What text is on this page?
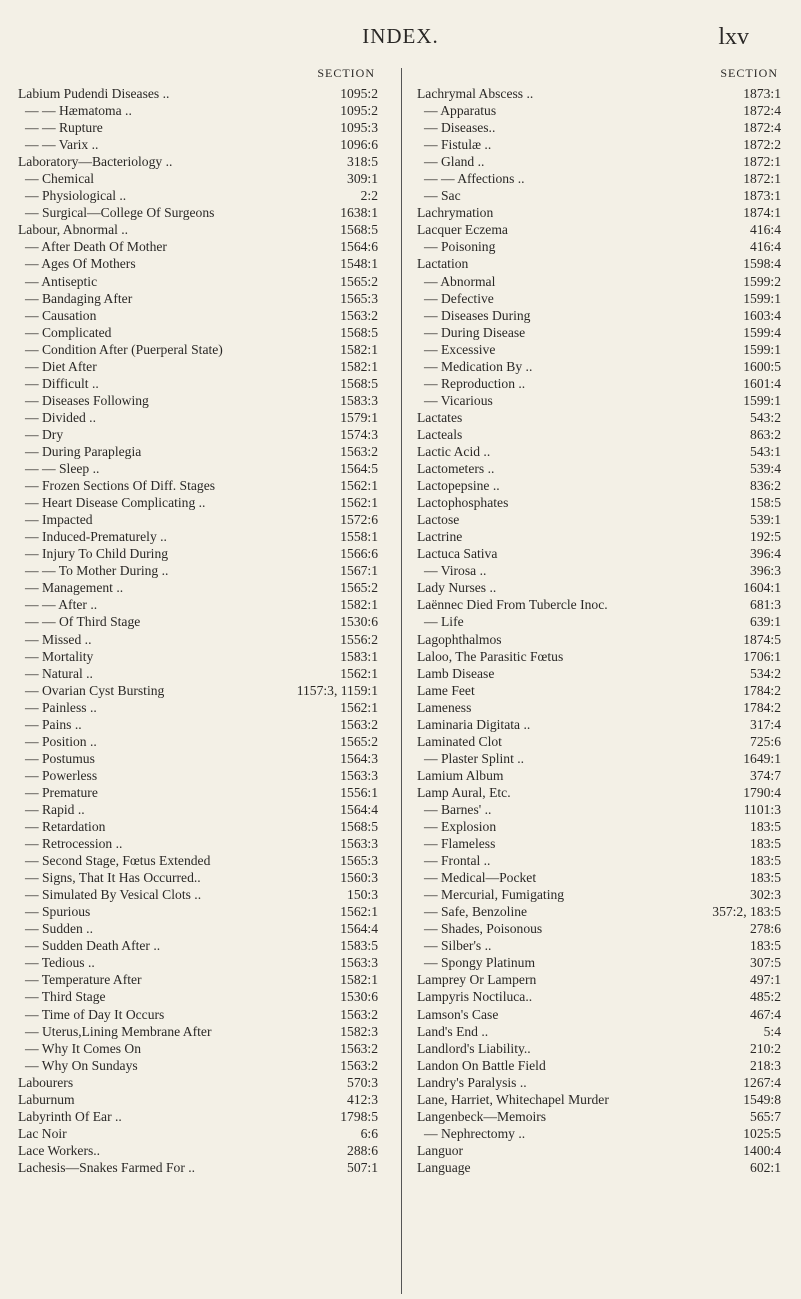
INDEX.	lxv
SECTION
Labium Pudendi Diseases ..	1095:2
— — Hæmatoma ..	1095:2
— — Rupture	1095:3
— — Varix ..	1096:6
Laboratory—Bacteriology ..	318:5
— Chemical	309:1
— Physiological ..	2:2
— Surgical—College Of Surgeons	1638:1
Labour, Abnormal ..	1568:5
— After Death Of Mother	1564:6
— Ages Of Mothers	1548:1
— Antiseptic	1565:2
— Bandaging After	1565:3
— Causation	1563:2
— Complicated	1568:5
— Condition After (Puerperal State)	1582:1
— Diet After	1582:1
— Difficult ..	1568:5
— Diseases Following	1583:3
— Divided ..	1579:1
— Dry	1574:3
— During Paraplegia	1563:2
— — Sleep ..	1564:5
— Frozen Sections Of Diff. Stages	1562:1
— Heart Disease Complicating ..	1562:1
— Impacted	1572:6
— Induced-Prematurely ..	1558:1
— Injury To Child During	1566:6
— — To Mother During ..	1567:1
— Management ..	1565:2
— — After ..	1582:1
— — Of Third Stage	1530:6
— Missed ..	1556:2
— Mortality	1583:1
— Natural ..	1562:1
— Ovarian Cyst Bursting	1157:3, 1159:1
— Painless ..	1562:1
— Pains ..	1563:2
— Position ..	1565:2
— Postumus	1564:3
— Powerless	1563:3
— Premature	1556:1
— Rapid ..	1564:4
— Retardation	1568:5
— Retrocession ..	1563:3
— Second Stage, Fœtus Extended	1565:3
— Signs, That It Has Occurred..	1560:3
— Simulated By Vesical Clots ..	150:3
— Spurious	1562:1
— Sudden ..	1564:4
— Sudden Death After ..	1583:5
— Tedious ..	1563:3
— Temperature After	1582:1
— Third Stage	1530:6
— Time of Day It Occurs	1563:2
— Uterus,Lining Membrane After	1582:3
— Why It Comes On	1563:2
— Why On Sundays	1563:2
Labourers	570:3
Laburnum	412:3
Labyrinth Of Ear ..	1798:5
Lac Noir	6:6
Lace Workers..	288:6
Lachesis—Snakes Farmed For ..	507:1
SECTION
Lachrymal Abscess ..	1873:1
— Apparatus	1872:4
— Diseases..	1872:4
— Fistulæ ..	1872:2
— Gland ..	1872:1
— — Affections ..	1872:1
— Sac	1873:1
Lachrymation	1874:1
Lacquer Eczema	416:4
— Poisoning	416:4
Lactation	1598:4
— Abnormal	1599:2
— Defective	1599:1
— Diseases During	1603:4
— During Disease	1599:4
— Excessive	1599:1
— Medication By ..	1600:5
— Reproduction ..	1601:4
— Vicarious	1599:1
Lactates	543:2
Lacteals	863:2
Lactic Acid ..	543:1
Lactometers ..	539:4
Lactopepsine ..	836:2
Lactophosphates	158:5
Lactose	539:1
Lactrine	192:5
Lactuca Sativa	396:4
— Virosa ..	396:3
Lady Nurses ..	1604:1
Laënnec Died From Tubercle Inoc.	681:3
— Life	639:1
Lagophthalmos	1874:5
Laloo, The Parasitic Fœtus	1706:1
Lamb Disease	534:2
Lame Feet	1784:2
Lameness	1784:2
Laminaria Digitata ..	317:4
Laminated Clot	725:6
— Plaster Splint ..	1649:1
Lamium Album	374:7
Lamp Aural, Etc.	1790:4
— Barnes' ..	1101:3
— Explosion	183:5
— Flameless	183:5
— Frontal ..	183:5
— Medical—Pocket	183:5
— Mercurial, Fumigating	302:3
— Safe, Benzoline	357:2, 183:5
— Shades, Poisonous	278:6
— Silber's ..	183:5
— Spongy Platinum	307:5
Lamprey Or Lampern	497:1
Lampyris Noctiluca..	485:2
Lamson's Case	467:4
Land's End ..	5:4
Landlord's Liability..	210:2
Landon On Battle Field	218:3
Landry's Paralysis ..	1267:4
Lane, Harriet, Whitechapel Murder	1549:8
Langenbeck—Memoirs	565:7
— Nephrectomy ..	1025:5
Languor	1400:4
Language	602:1
